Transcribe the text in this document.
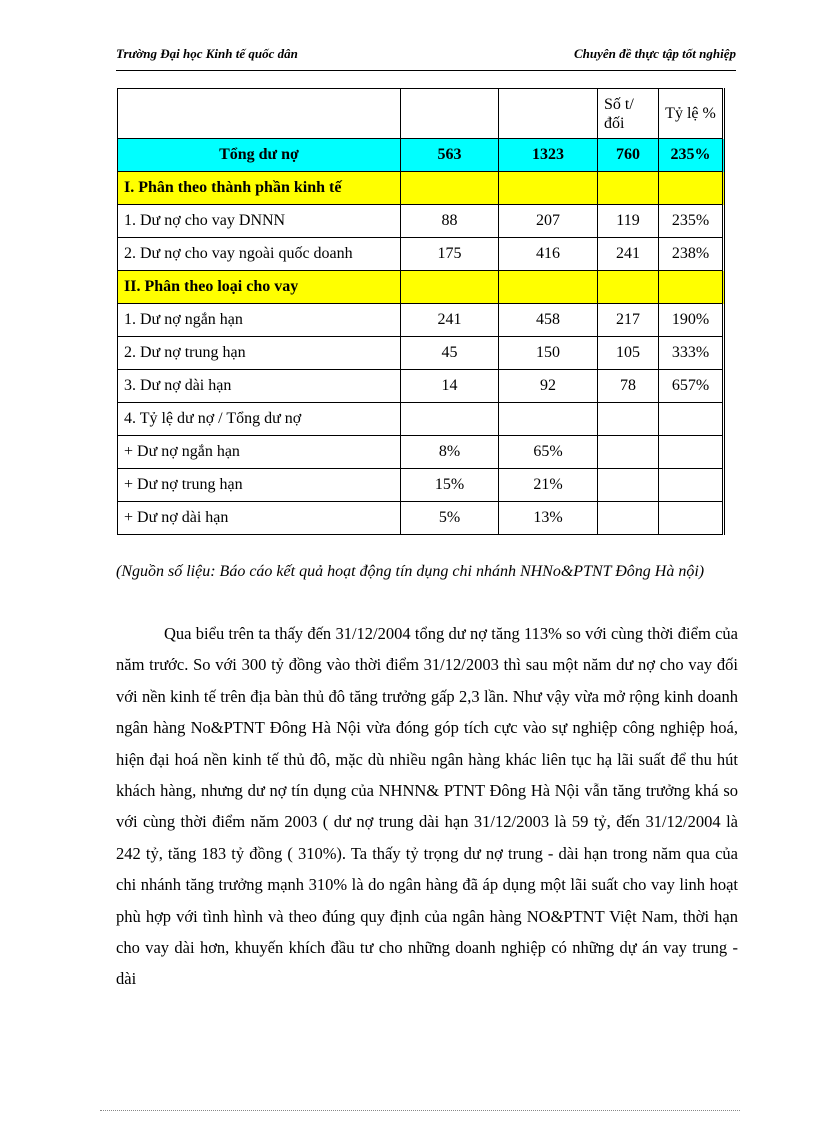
Trường Đại học Kinh tế quốc dân	Chuyên đề thực tập tốt nghiệp
			Số t/ đối	Tỷ lệ %
Tổng dư nợ	563	1323	760	235%
I. Phân theo thành phần kinh tế				
1. Dư nợ cho vay DNNN	88	207	119	235%
2. Dư nợ cho vay ngoài quốc doanh	175	416	241	238%
II. Phân theo loại cho vay				
1. Dư nợ ngắn hạn	241	458	217	190%
2. Dư nợ trung hạn	45	150	105	333%
3. Dư nợ dài hạn	14	92	78	657%
4. Tỷ lệ dư nợ / Tổng dư nợ				
+ Dư nợ ngắn hạn	8%	65%		
+ Dư nợ trung hạn	15%	21%		
+ Dư nợ dài hạn	5%	13%		
(Nguồn số liệu: Báo cáo kết quả hoạt động tín dụng chi nhánh NHNo&PTNT Đông Hà nội)

Qua biểu trên ta thấy đến 31/12/2004 tổng dư nợ tăng 113% so với cùng thời điểm của năm trước. So với 300 tỷ đồng vào thời điểm 31/12/2003 thì sau một năm dư nợ cho vay đối với nền kinh tế trên địa bàn thủ đô tăng trưởng gấp 2,3 lần. Như vậy vừa mở rộng kinh doanh ngân hàng No&PTNT Đông Hà Nội vừa đóng góp tích cực vào sự nghiệp công nghiệp hoá, hiện đại hoá nền kinh tế thủ đô, mặc dù nhiều ngân hàng khác liên tục hạ lãi suất để thu hút khách hàng, nhưng dư nợ tín dụng của NHNN& PTNT Đông Hà Nội vẫn tăng trưởng khá so với cùng thời điểm năm 2003 ( dư nợ trung dài hạn 31/12/2003 là 59 tỷ, đến 31/12/2004 là 242 tỷ, tăng 183 tỷ đồng ( 310%). Ta thấy tỷ trọng dư nợ trung - dài hạn trong năm qua của chi nhánh tăng trưởng mạnh 310% là do ngân hàng đã áp dụng một lãi suất cho vay linh hoạt phù hợp với tình hình và theo đúng quy định của ngân hàng NO&PTNT Việt Nam, thời hạn cho vay dài hơn, khuyến khích đầu tư cho những doanh nghiệp có những dự án vay trung - dài
